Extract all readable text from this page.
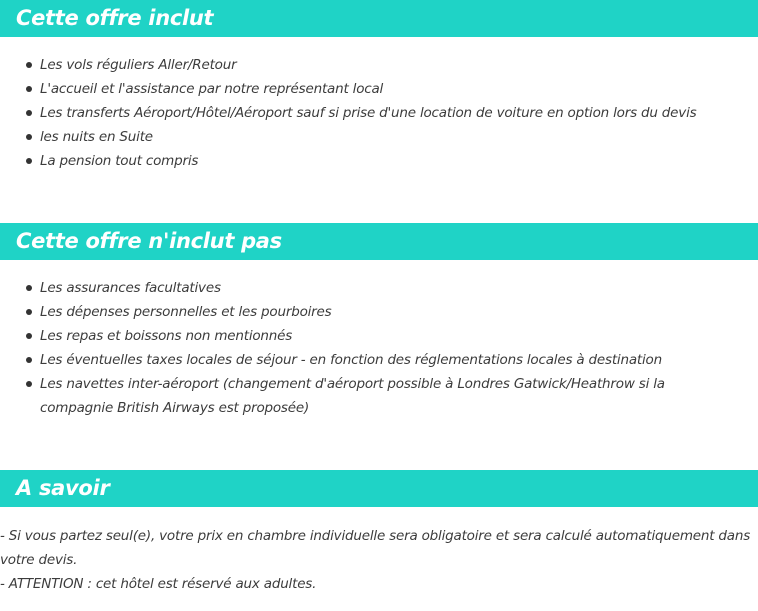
Cette offre inclut
Les vols réguliers Aller/Retour
L'accueil et l'assistance par notre représentant local
Les transferts Aéroport/Hôtel/Aéroport sauf si prise d'une location de voiture en option lors du devis
les nuits en Suite
La pension tout compris
Cette offre n'inclut pas
Les assurances facultatives
Les dépenses personnelles et les pourboires
Les repas et boissons non mentionnés
Les éventuelles taxes locales de séjour - en fonction des réglementations locales à destination
Les navettes inter-aéroport (changement d'aéroport possible à Londres Gatwick/Heathrow si la compagnie British Airways est proposée)
A savoir

- Si vous partez seul(e), votre prix en chambre individuelle sera obligatoire et sera calculé automatiquement dans votre devis.

- ATTENTION : cet hôtel est réservé aux adultes.
